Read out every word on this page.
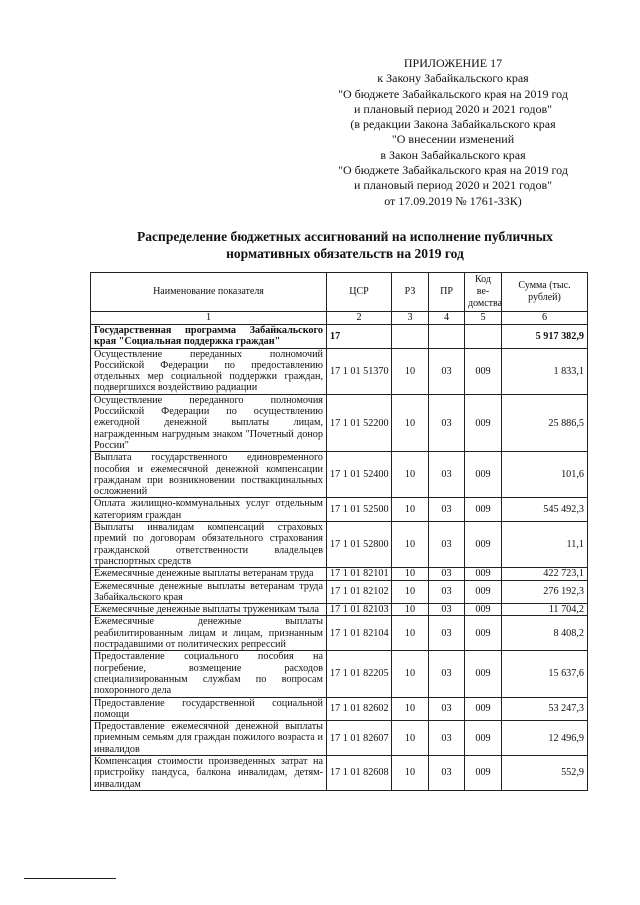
ПРИЛОЖЕНИЕ 17
к Закону Забайкальского края
"О бюджете Забайкальского края на 2019 год
и плановый период 2020 и 2021 годов"
(в редакции Закона Забайкальского края
"О внесении изменений
в Закон Забайкальского края
"О бюджете Забайкальского края на 2019 год
и плановый период 2020 и 2021 годов"
от 17.09.2019 № 1761-ЗЗК)
Распределение бюджетных ассигнований на исполнение публичных
нормативных обязательств на 2019 год
Наименование показателя	ЦСР	РЗ	ПР	Код ве-домства	Сумма (тыс. рублей)
1	2	3	4	5	6
Государственная программа Забайкальского края "Социальная поддержка граждан"	17				5 917 382,9
Осуществление переданных полномочий Российской Федерации по предоставлению отдельных мер социальной поддержки граждан, подвергшихся воздействию радиации	17 1 01 51370	10	03	009	1 833,1
Осуществление переданного полномочия Российской Федерации по осуществлению ежегодной денежной выплаты лицам, награжденным нагрудным знаком "Почетный донор России"	17 1 01 52200	10	03	009	25 886,5
Выплата государственного единовременного пособия и ежемесячной денежной компенсации гражданам при возникновении поствакцинальных осложнений	17 1 01 52400	10	03	009	101,6
Оплата жилищно-коммунальных услуг отдельным категориям граждан	17 1 01 52500	10	03	009	545 492,3
Выплаты инвалидам компенсаций страховых премий по договорам обязательного страхования гражданской ответственности владельцев транспортных средств	17 1 01 52800	10	03	009	11,1
Ежемесячные денежные выплаты ветеранам труда	17 1 01 82101	10	03	009	422 723,1
Ежемесячные денежные выплаты ветеранам труда Забайкальского края	17 1 01 82102	10	03	009	276 192,3
Ежемесячные денежные выплаты труженикам тыла	17 1 01 82103	10	03	009	11 704,2
Ежемесячные денежные выплаты реабилитированным лицам и лицам, признанным пострадавшими от политических репрессий	17 1 01 82104	10	03	009	8 408,2
Предоставление социального пособия на погребение, возмещение расходов специализированным службам по вопросам похоронного дела	17 1 01 82205	10	03	009	15 637,6
Предоставление государственной социальной помощи	17 1 01 82602	10	03	009	53 247,3
Предоставление ежемесячной денежной выплаты приемным семьям для граждан пожилого возраста и инвалидов	17 1 01 82607	10	03	009	12 496,9
Компенсация стоимости произведенных затрат на пристройку пандуса, балкона инвалидам, детям-инвалидам	17 1 01 82608	10	03	009	552,9
